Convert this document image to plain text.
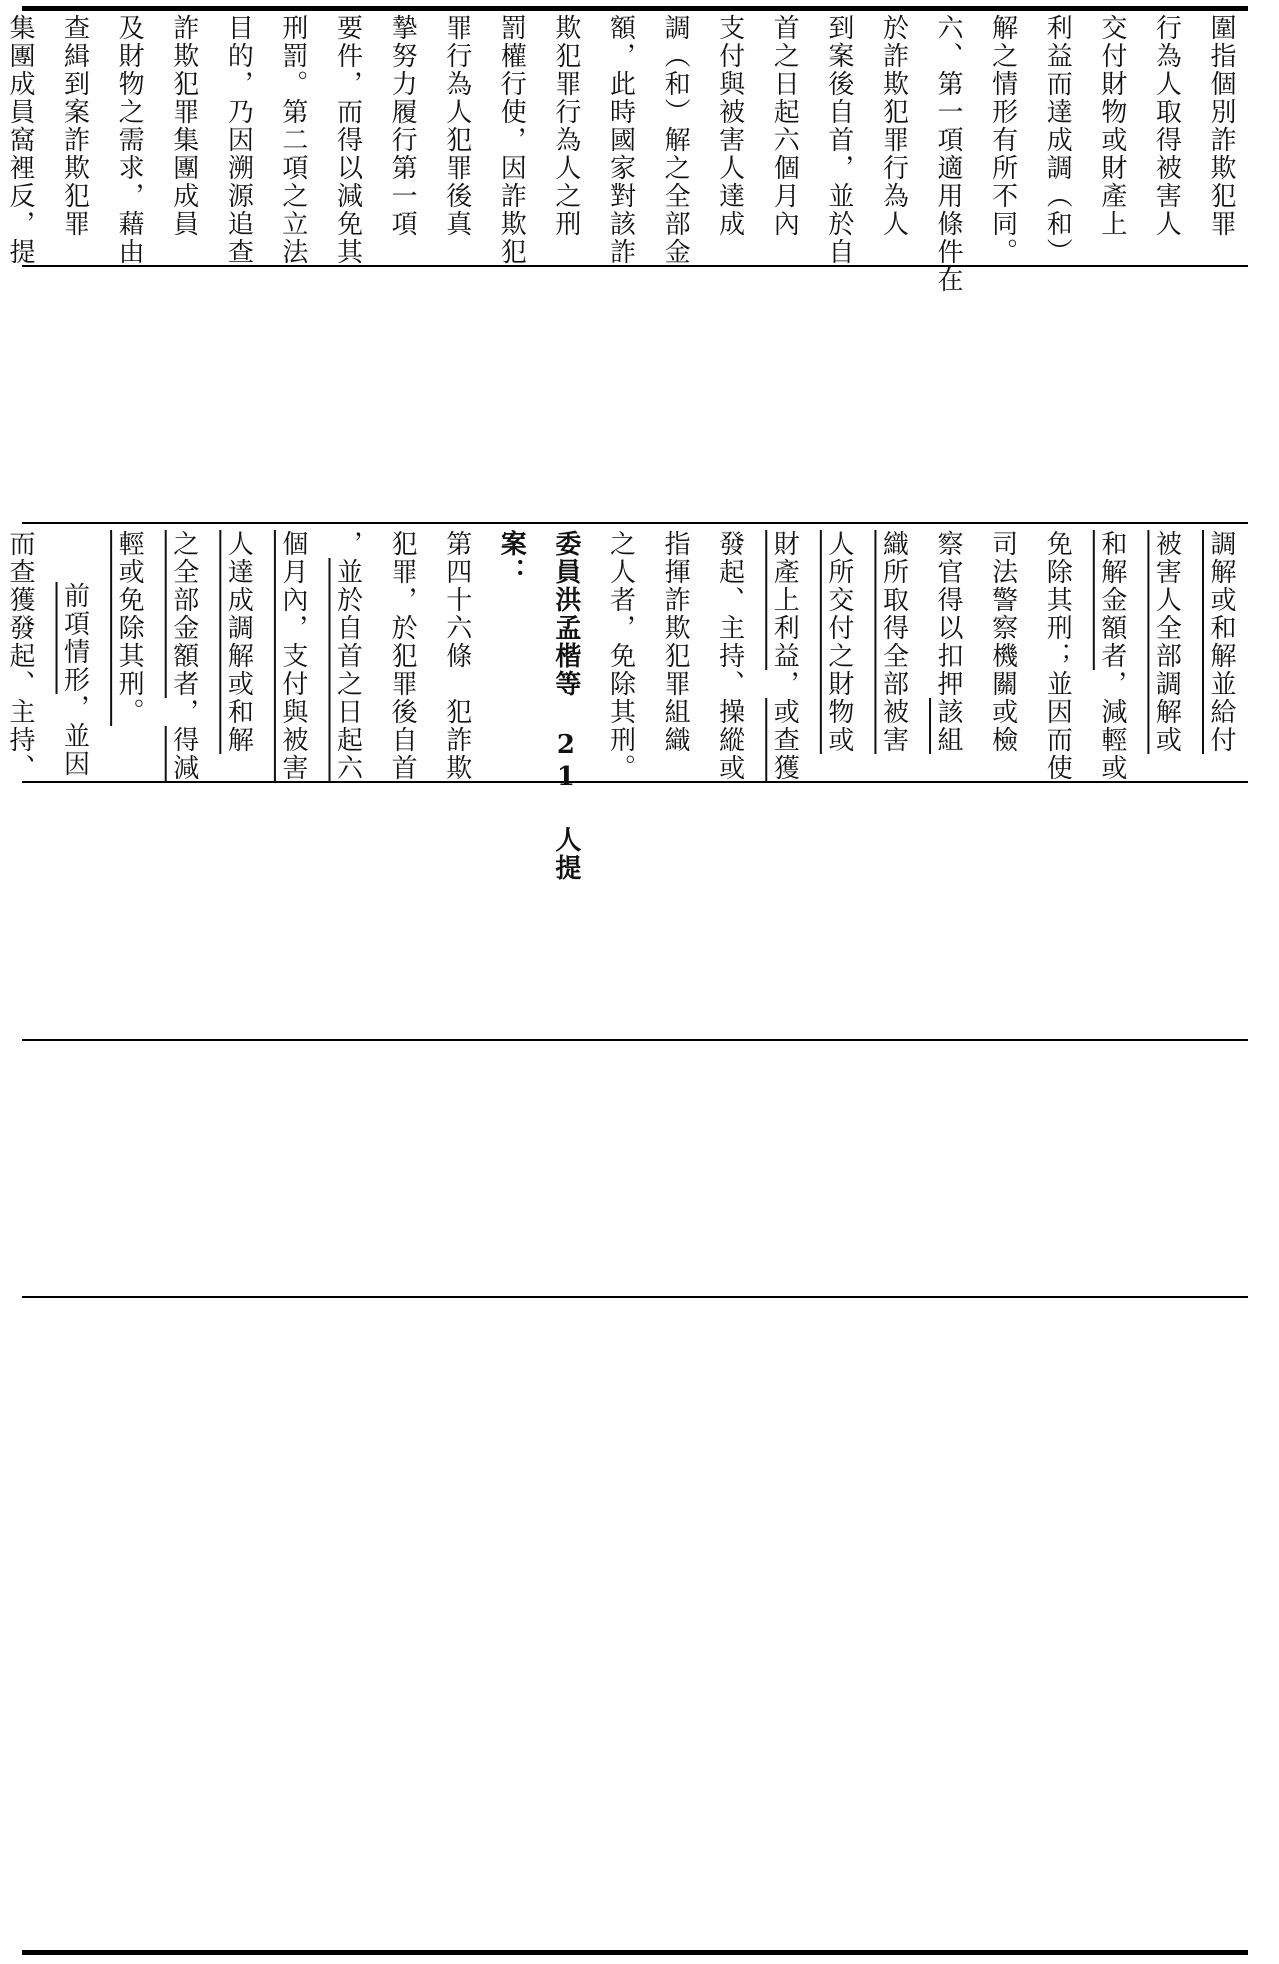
圍指個別詐欺犯罪
行為人取得被害人
交付財物或財產上
利益而達成調（和）
解之情形有所不同。
六、第一項適用條件在
於詐欺犯罪行為人
到案後自首，並於自
首之日起六個月內
支付與被害人達成
調（和）解之全部金
額，此時國家對該詐
欺犯罪行為人之刑
罰權行使，因詐欺犯
罪行為人犯罪後真
摯努力履行第一項
要件，而得以減免其
刑罰。第二項之立法
目的，乃因溯源追查
詐欺犯罪集團成員
及財物之需求，藉由
查緝到案詐欺犯罪
集團成員窩裡反，提
調解或和解並給付
被害人全部調解或
和解金額者，減輕或
免除其刑；並因而使
司法警察機關或檢
察官得以扣押該組
織所取得全部被害
人所交付之財物或
財產上利益，或查獲
發起、主持、操縱或
指揮詐欺犯罪組織
之人者，免除其刑。
委員洪孟楷等 21 人提
案：
第四十六條　犯詐欺
犯罪，於犯罪後自首
，並於自首之日起六
個月內，支付與被害
人達成調解或和解
之全部金額者，得減
輕或免除其刑。
前項情形，並因
而查獲發起、主持、
